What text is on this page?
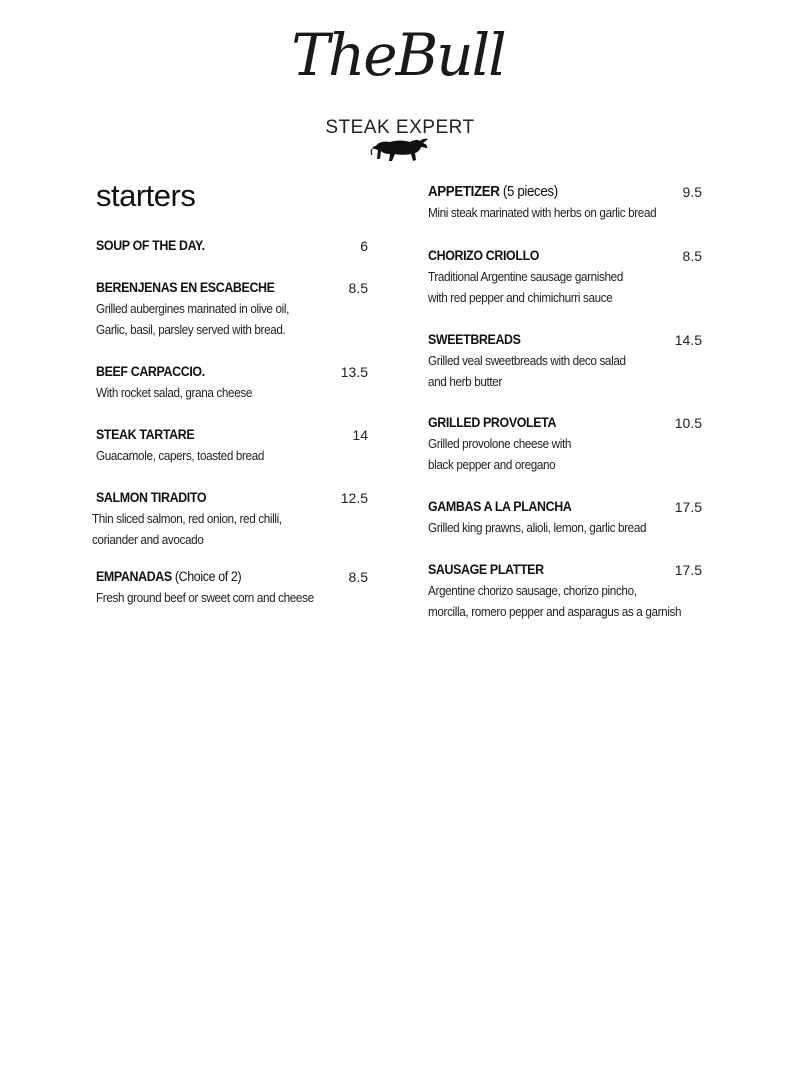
TheBull
STEAK EXPERT
starters
SOUP OF THE DAY.	6
BERENJENAS EN ESCABECHE	8.5
Grilled aubergines marinated in olive oil,
Garlic, basil, parsley served with bread.
BEEF CARPACCIO.	13.5
With rocket salad, grana cheese
STEAK TARTARE	14
Guacamole, capers, toasted bread
SALMON TIRADITO	12.5
Thin sliced salmon, red onion, red chilli,
coriander and avocado
EMPANADAS (Choice of 2)	8.5
Fresh ground beef or sweet corn and cheese
APPETIZER (5 pieces)	9.5
Mini steak marinated with herbs on garlic bread
CHORIZO CRIOLLO	8.5
Traditional Argentine sausage garnished
with red pepper and chimichurri sauce
SWEETBREADS	14.5
Grilled veal sweetbreads with deco salad
and herb butter
GRILLED PROVOLETA	10.5
Grilled provolone cheese with
black pepper and oregano
GAMBAS A LA PLANCHA	17.5
Grilled king prawns, alioli, lemon, garlic bread
SAUSAGE PLATTER	17.5
Argentine chorizo sausage, chorizo pincho,
morcilla, romero pepper and asparagus as a garnish
